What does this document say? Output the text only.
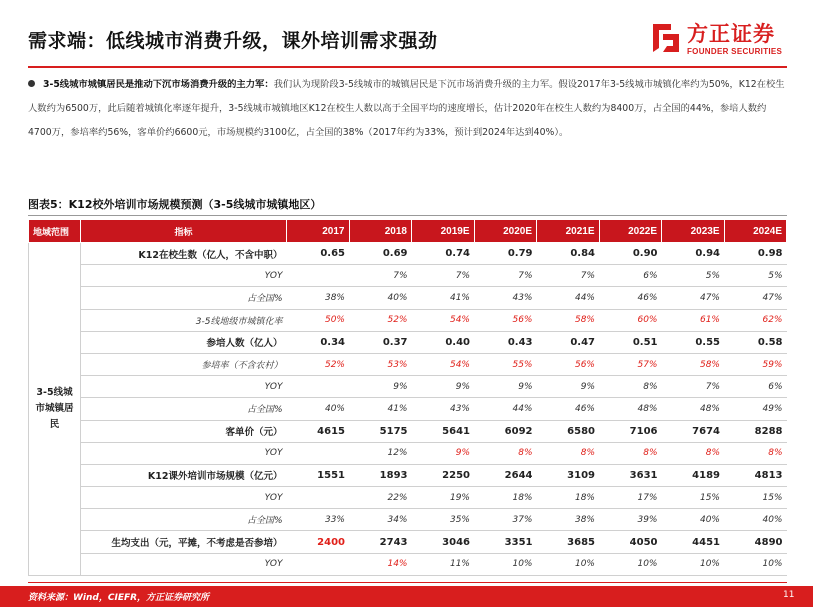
需求端：低线城市消费升级，课外培训需求强劲	方正证券
FOUNDER SECURITIES
3-5线城市城镇居民是推动下沉市场消费升级的主力军：我们认为现阶段3-5线城市的城镇居民是下沉市场消费升级的主力军。假设2017年3-5线城市城镇化率约为50%，K12在校生人数约为6500万，此后随着城镇化率逐年提升，3-5线城市城镇地区K12在校生人数以高于全国平均的速度增长，估计2020年在校生人数约为8400万，占全国的44%，参培人数约4700万，参培率约56%，客单价约6600元，市场规模约3100亿，占全国的38%（2017年约为33%，预计到2024年达到40%）。
图表5：K12校外培训市场规模预测（3-5线城市城镇地区）
地域范围	指标	2017	2018	2019E	2020E	2021E	2022E	2023E	2024E
3-5线城市城镇居民	K12在校生数（亿人，不含中职）	0.65	0.69	0.74	0.79	0.84	0.90	0.94	0.98
	YOY		7%	7%	7%	7%	6%	5%	5%
	占全国%	38%	40%	41%	43%	44%	46%	47%	47%
	3-5线地级市城镇化率	50%	52%	54%	56%	58%	60%	61%	62%
	参培人数（亿人）	0.34	0.37	0.40	0.43	0.47	0.51	0.55	0.58
	参培率（不含农村）	52%	53%	54%	55%	56%	57%	58%	59%
	YOY		9%	9%	9%	9%	8%	7%	6%
	占全国%	40%	41%	43%	44%	46%	48%	48%	49%
	客单价（元）	4615	5175	5641	6092	6580	7106	7674	8288
	YOY		12%	9%	8%	8%	8%	8%	8%
	K12课外培训市场规模（亿元）	1551	1893	2250	2644	3109	3631	4189	4813
	YOY		22%	19%	18%	18%	17%	15%	15%
	占全国%	33%	34%	35%	37%	38%	39%	40%	40%
	生均支出（元，平摊，不考虑是否参培）	2400	2743	3046	3351	3685	4050	4451	4890
	YOY		14%	11%	10%	10%	10%	10%	10%
资料来源：Wind，CIEFR，方正证券研究所	11
